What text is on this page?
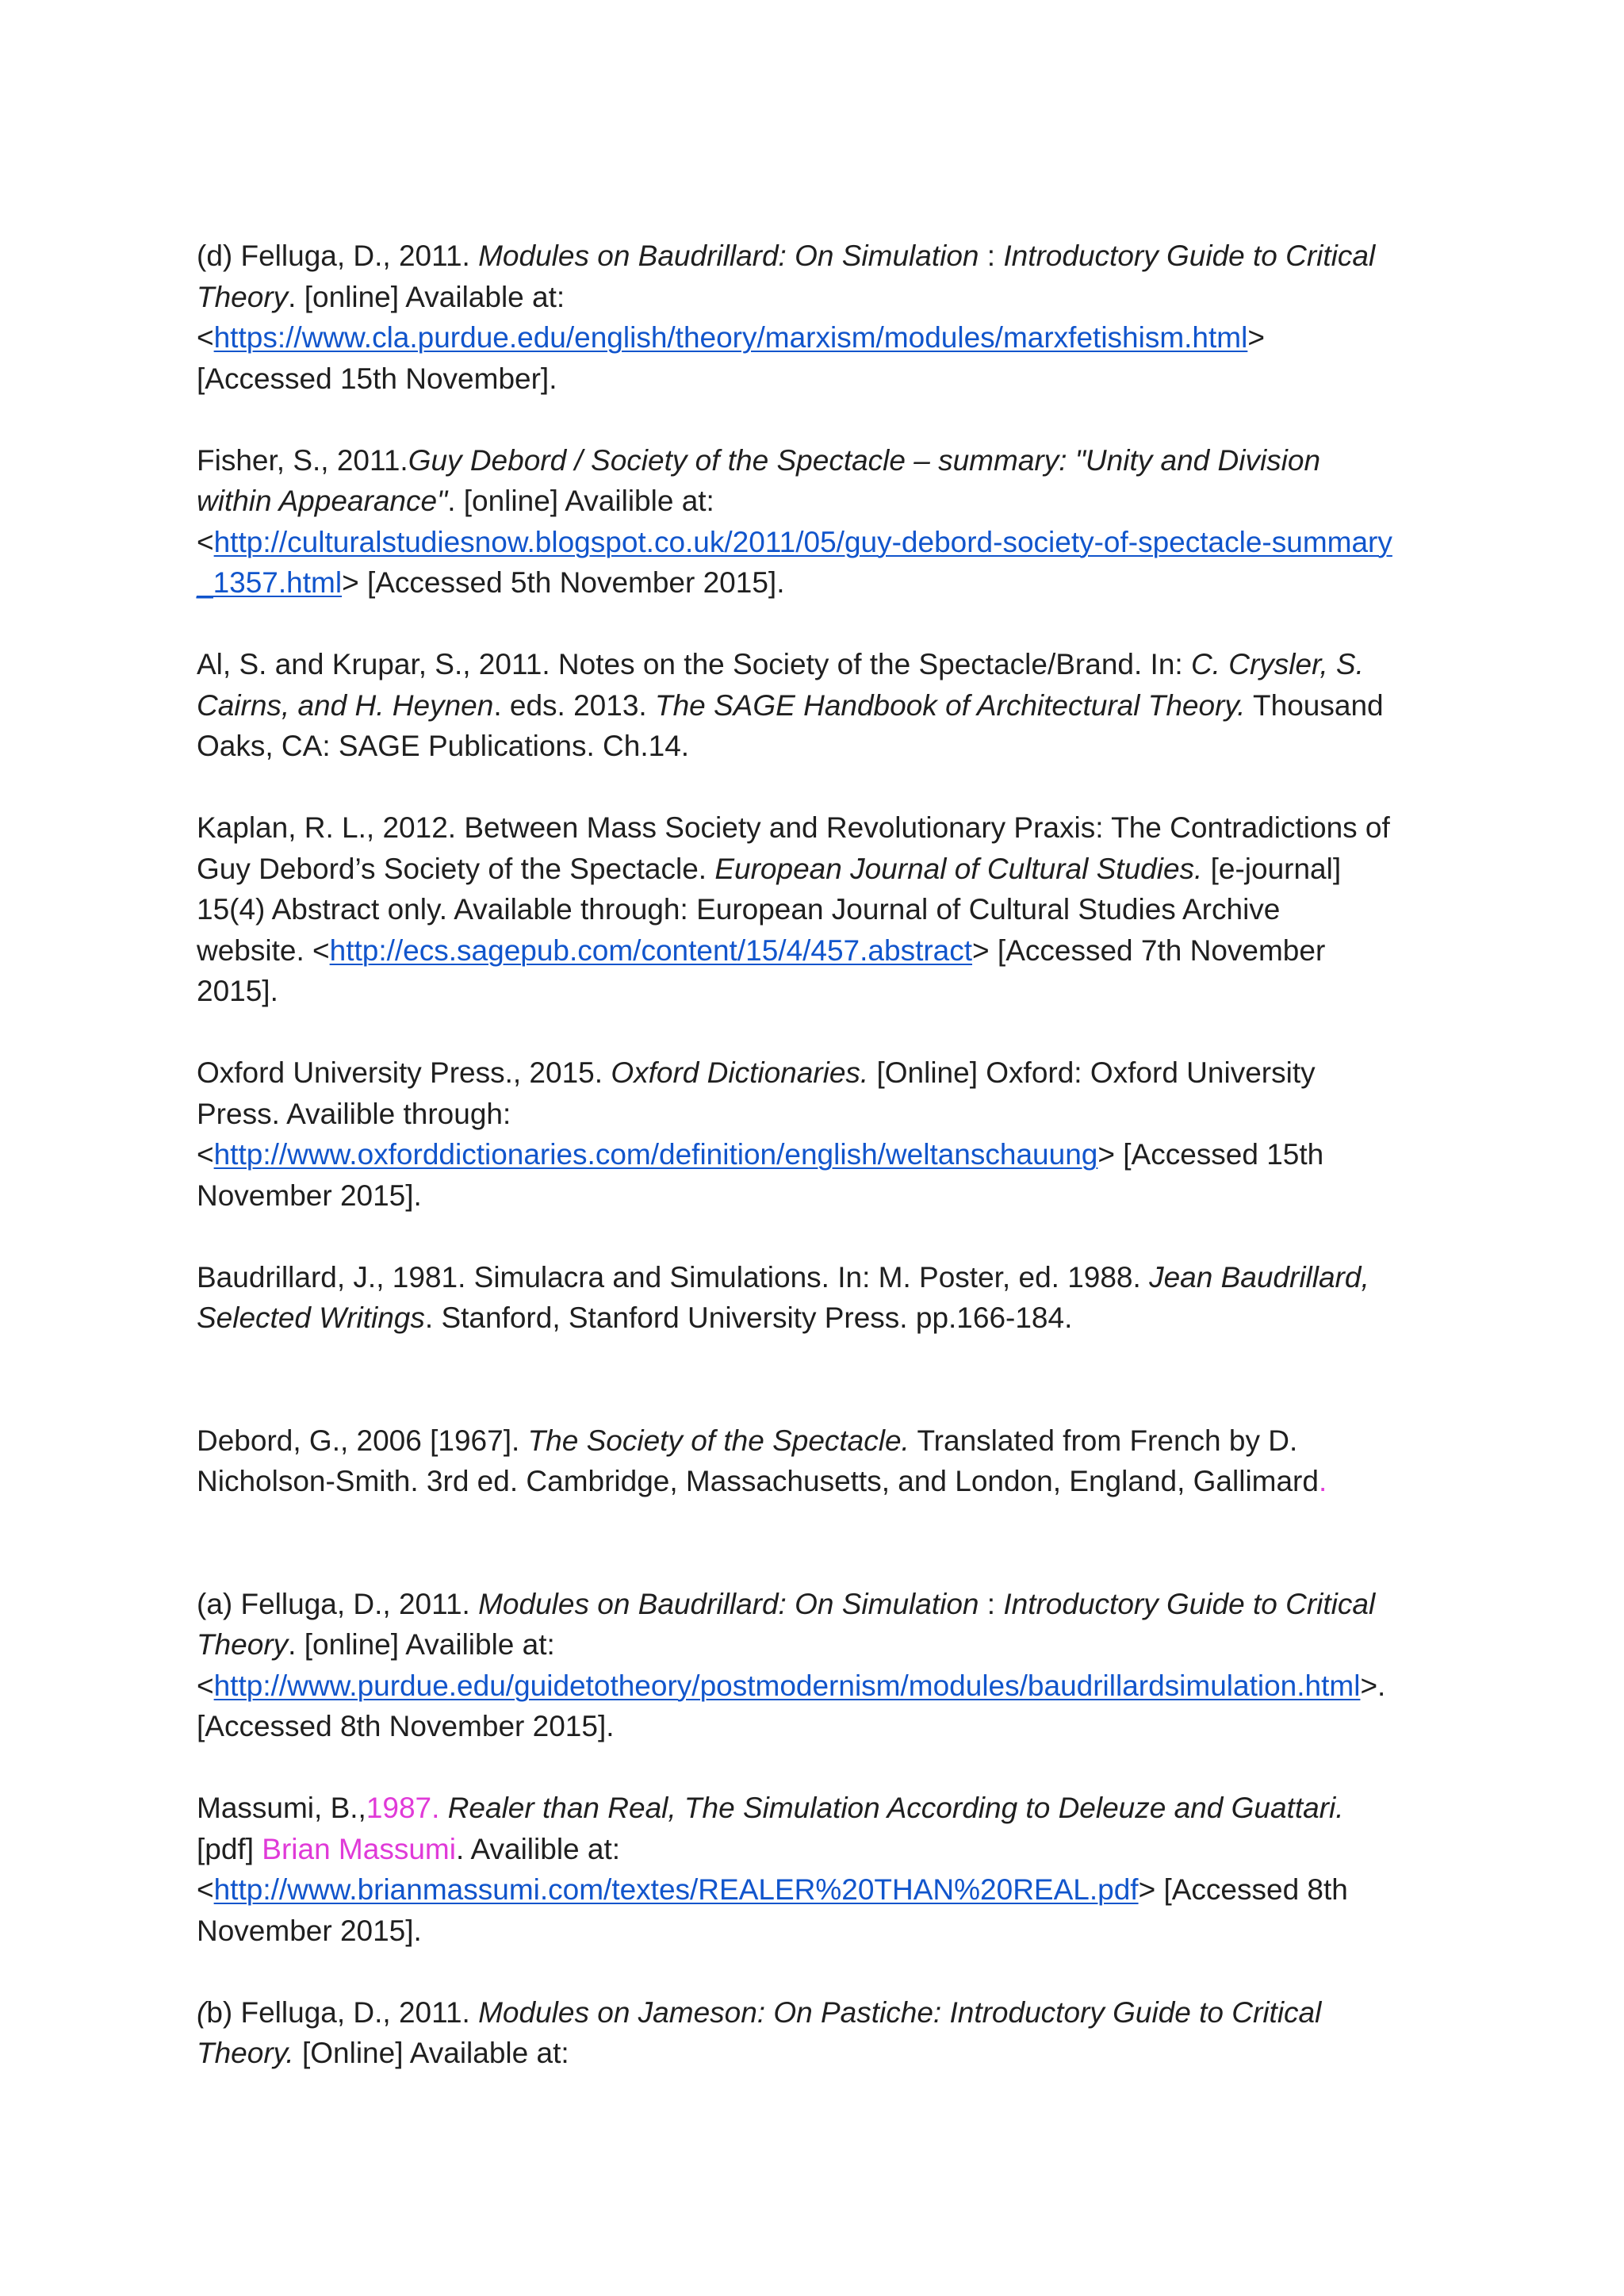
(d) Felluga, D., 2011. Modules on Baudrillard: On Simulation : Introductory Guide to Critical

Theory. [online] Available at:

<https://www.cla.purdue.edu/english/theory/marxism/modules/marxfetishism.html>

[Accessed 15th November].

Fisher, S., 2011.Guy Debord / Society of the Spectacle – summary: "Unity and Division

within Appearance". [online] Availible at:

<http://culturalstudiesnow.blogspot.co.uk/2011/05/guy-debord-society-of-spectacle-summary

_1357.html> [Accessed 5th November 2015].

Al, S. and Krupar, S., 2011. Notes on the Society of the Spectacle/Brand. In: C. Crysler, S.

Cairns, and H. Heynen. eds. 2013. The SAGE Handbook of Architectural Theory. Thousand

Oaks, CA: SAGE Publications. Ch.14.

Kaplan, R. L., 2012. Between Mass Society and Revolutionary Praxis: The Contradictions of

Guy Debord’s Society of the Spectacle. European Journal of Cultural Studies. [e-journal]

15(4) Abstract only. Available through: European Journal of Cultural Studies Archive

website. <http://ecs.sagepub.com/content/15/4/457.abstract> [Accessed 7th November

2015].

Oxford University Press., 2015. Oxford Dictionaries. [Online] Oxford: Oxford University

Press. Availible through:

<http://www.oxforddictionaries.com/definition/english/weltanschauung> [Accessed 15th

November 2015].

Baudrillard, J., 1981. Simulacra and Simulations. In: M. Poster, ed. 1988. Jean Baudrillard,

Selected Writings. Stanford, Stanford University Press. pp.166-184.

Debord, G., 2006 [1967]. The Society of the Spectacle. Translated from French by D.

Nicholson-Smith. 3rd ed. Cambridge, Massachusetts, and London, England, Gallimard.

(a) Felluga, D., 2011. Modules on Baudrillard: On Simulation : Introductory Guide to Critical

Theory. [online] Availible at:

<http://www.purdue.edu/guidetotheory/postmodernism/modules/baudrillardsimulation.html>.

[Accessed 8th November 2015].

Massumi, B.,1987. Realer than Real, The Simulation According to Deleuze and Guattari.

[pdf] Brian Massumi. Availible at:

<http://www.brianmassumi.com/textes/REALER%20THAN%20REAL.pdf> [Accessed 8th

November 2015].

(b) Felluga, D., 2011. Modules on Jameson: On Pastiche: Introductory Guide to Critical

Theory. [Online] Available at:
